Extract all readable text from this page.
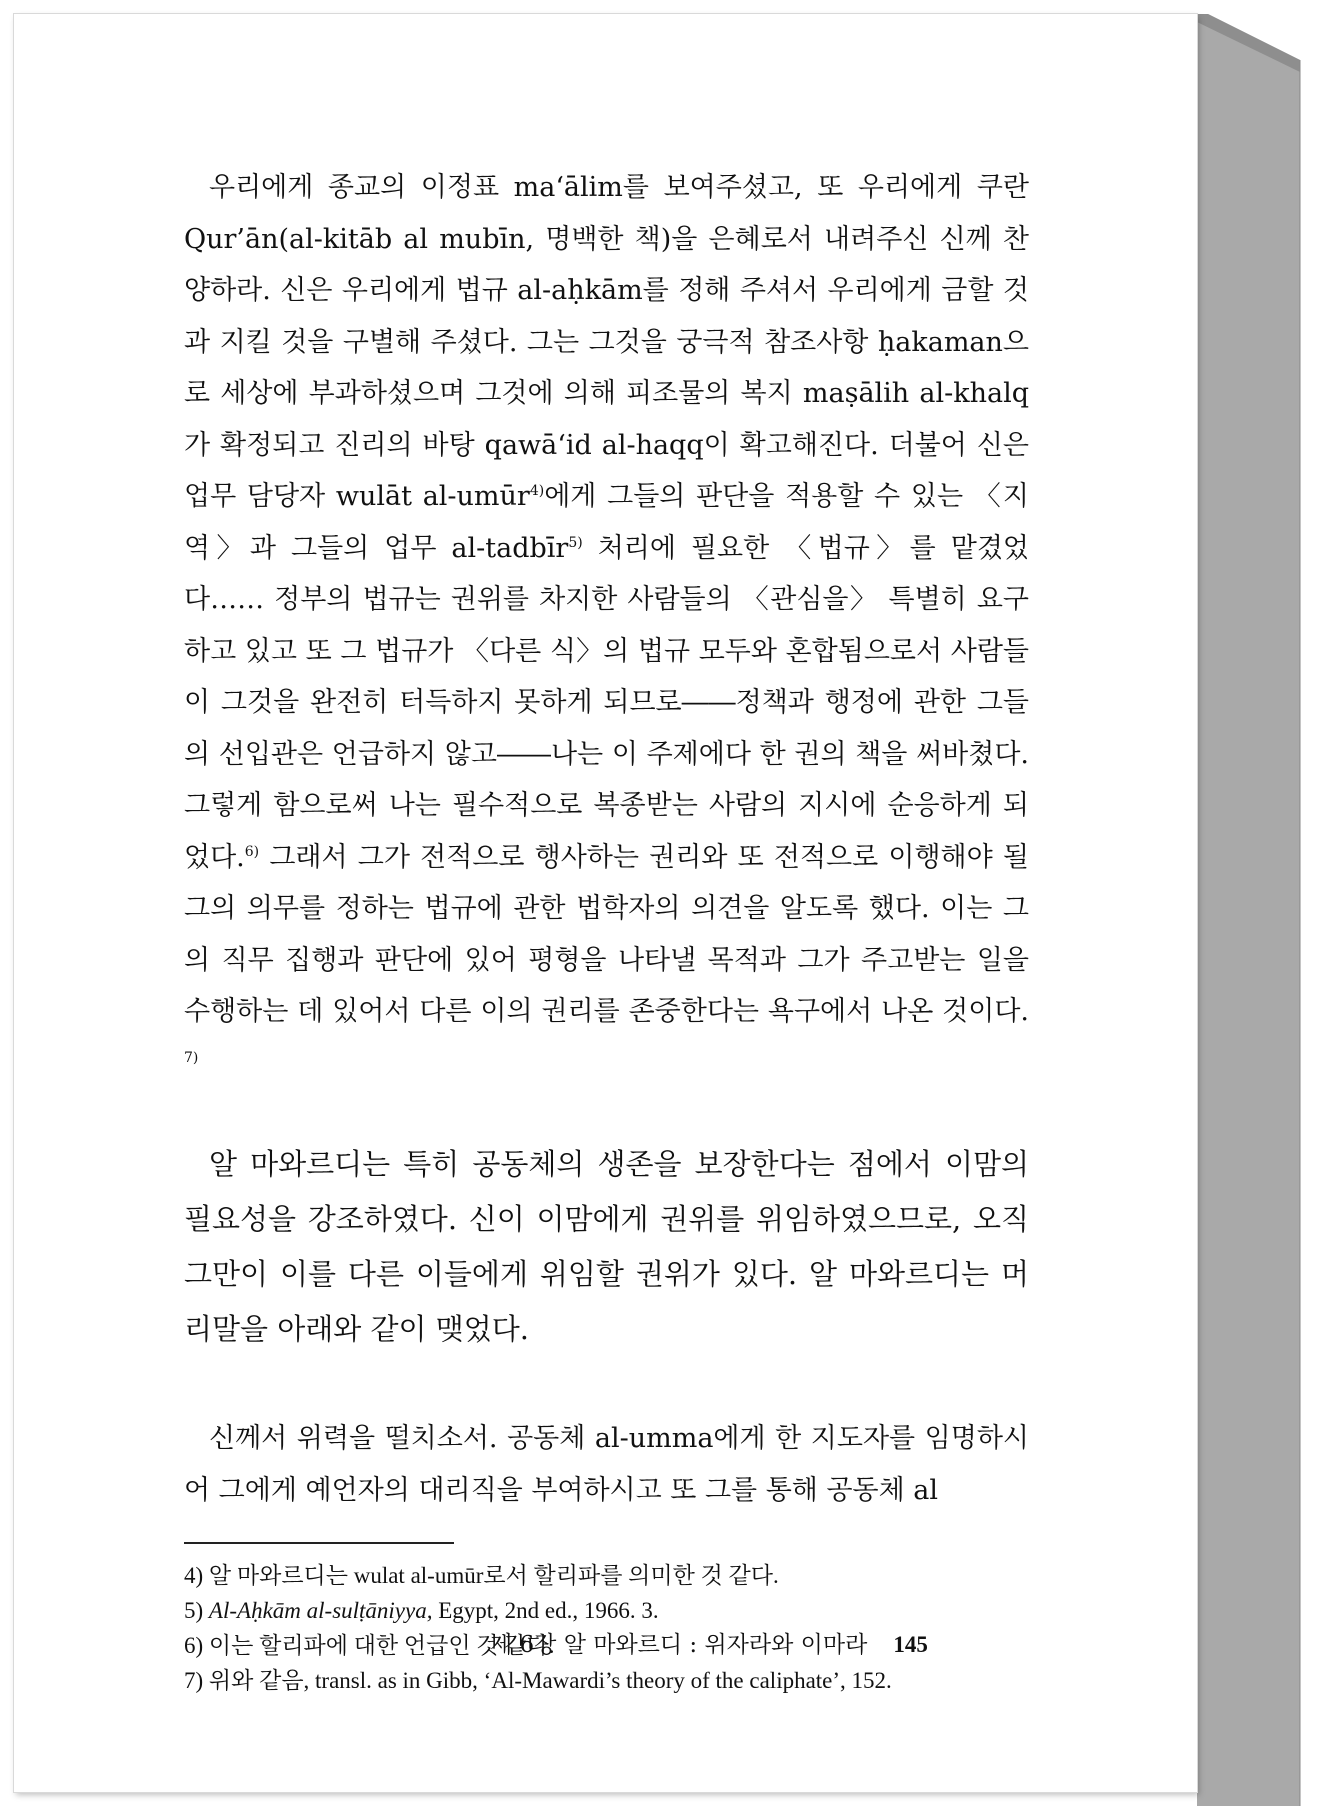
우리에게 종교의 이정표 ma‘ālim를 보여주셨고, 또 우리에게 쿠란 Qur’ān(al-kitāb al mubīn, 명백한 책)을 은혜로서 내려주신 신께 찬양하라. 신은 우리에게 법규 al-aḥkām를 정해 주셔서 우리에게 금할 것과 지킬 것을 구별해 주셨다. 그는 그것을 궁극적 참조사항 ḥakaman으로 세상에 부과하셨으며 그것에 의해 피조물의 복지 maṣālih al-khalq가 확정되고 진리의 바탕 qawā‘id al-haqq이 확고해진다. 더불어 신은 업무 담당자 wulāt al-umūr$^{4)}$에게 그들의 판단을 적용할 수 있는 〈지역〉과 그들의 업무 al-tadbīr$^{5)}$ 처리에 필요한 〈법규〉를 맡겼었다…… 정부의 법규는 권위를 차지한 사람들의 〈관심을〉 특별히 요구하고 있고 또 그 법규가 〈다른 식〉의 법규 모두와 혼합됨으로서 사람들이 그것을 완전히 터득하지 못하게 되므로――정책과 행정에 관한 그들의 선입관은 언급하지 않고――나는 이 주제에다 한 권의 책을 써바쳤다. 그렇게 함으로써 나는 필수적으로 복종받는 사람의 지시에 순응하게 되었다.$^{6)}$ 그래서 그가 전적으로 행사하는 권리와 또 전적으로 이행해야 될 그의 의무를 정하는 법규에 관한 법학자의 의견을 알도록 했다. 이는 그의 직무 집행과 판단에 있어 평형을 나타낼 목적과 그가 주고받는 일을 수행하는 데 있어서 다른 이의 권리를 존중한다는 욕구에서 나온 것이다. $^{7)}$

알 마와르디는 특히 공동체의 생존을 보장한다는 점에서 이맘의 필요성을 강조하였다. 신이 이맘에게 권위를 위임하였으므로, 오직 그만이 이를 다른 이들에게 위임할 권위가 있다. 알 마와르디는 머리말을 아래와 같이 맺었다.
신께서 위력을 떨치소서. 공동체 al-umma에게 한 지도자를 임명하시어 그에게 예언자의 대리직을 부여하시고 또 그를 통해 공동체 al
4) 알 마와르디는 wulat al-umūr로서 할리파를 의미한 것 같다.
5) Al-Aḥkām al-sulṭāniyya, Egypt, 2nd ed., 1966. 3.
6) 이는 할리파에 대한 언급인 것 같다.
7) 위와 같음, transl. as in Gibb, ‘Al-Mawardi’s theory of the caliphate’, 152.
제 6장 알 마와르디 : 위자라와 이마라 145
